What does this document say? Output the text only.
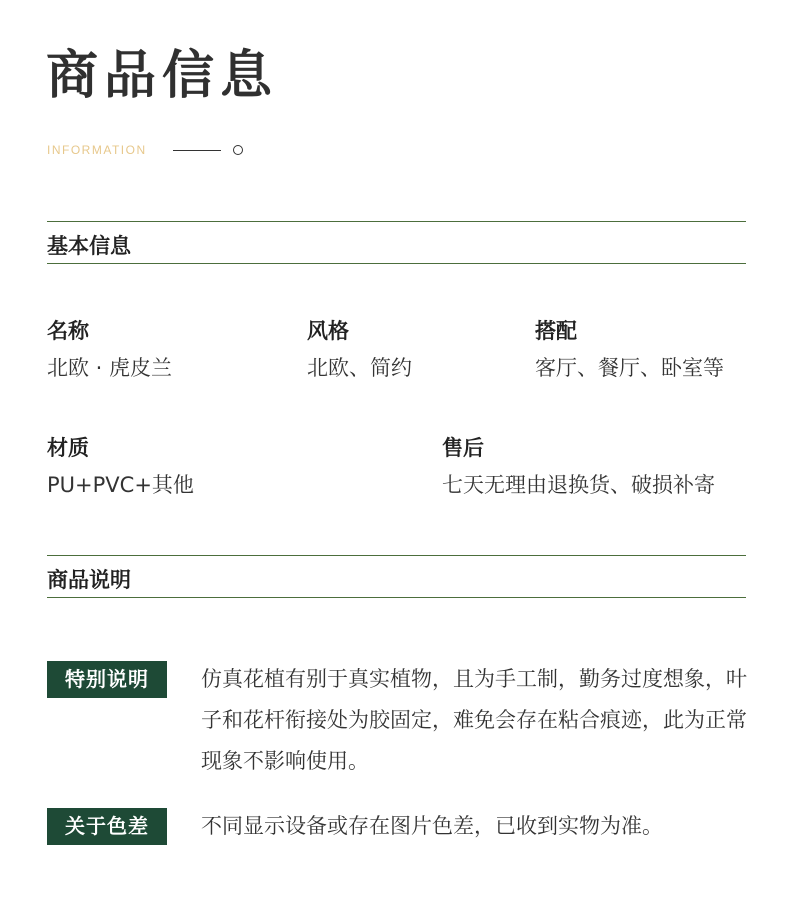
商品信息
INFORMATION
基本信息
名称
北欧 · 虎皮兰
风格
北欧、简约
搭配
客厅、餐厅、卧室等
材质
PU+PVC+其他
售后
七天无理由退换货、破损补寄
商品说明
特别说明	仿真花植有别于真实植物，且为手工制，勤务过度想象，叶子和花杆衔接处为胶固定，难免会存在粘合痕迹，此为正常现象不影响使用。

关于色差	不同显示设备或存在图片色差，已收到实物为准。
